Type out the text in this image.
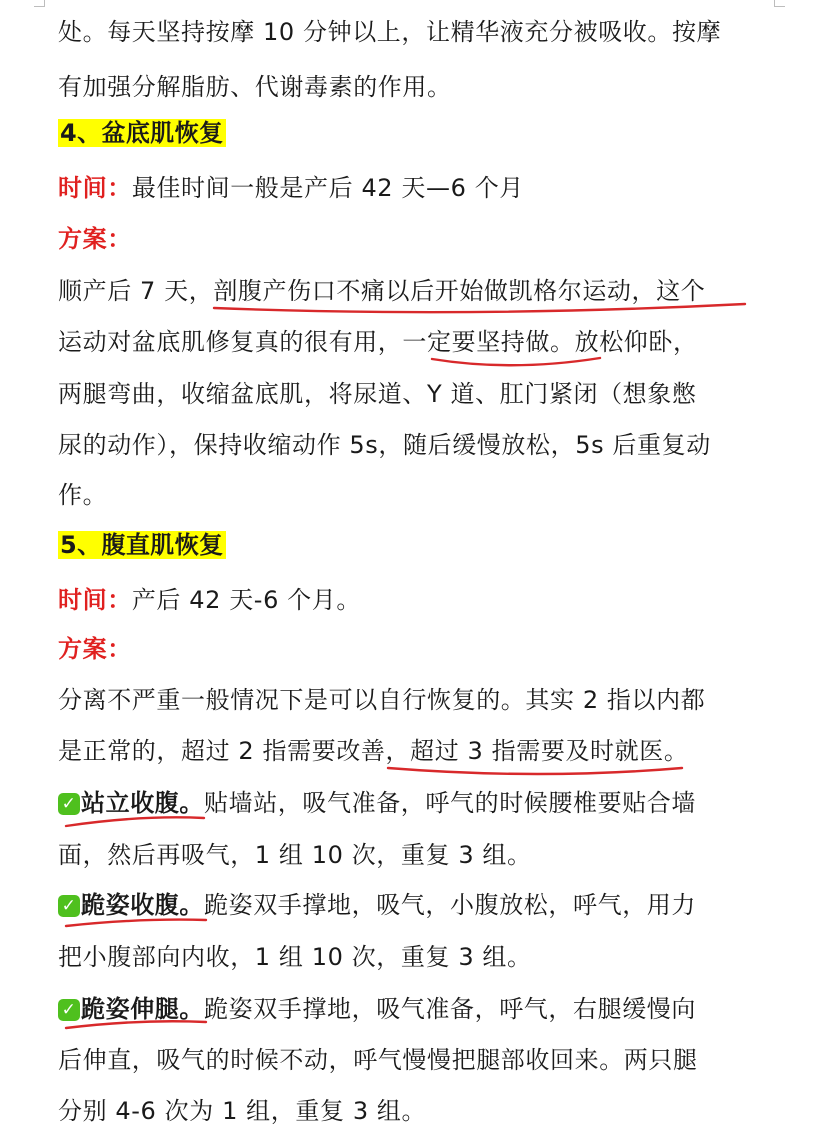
处。每天坚持按摩 10 分钟以上，让精华液充分被吸收。按摩
有加强分解脂肪、代谢毒素的作用。
4、盆底肌恢复
时间：最佳时间一般是产后 42 天—6 个月
方案：
顺产后 7 天，剖腹产伤口不痛以后开始做凯格尔运动，这个
运动对盆底肌修复真的很有用，一定要坚持做。放松仰卧，
两腿弯曲，收缩盆底肌，将尿道、Y 道、肛门紧闭（想象憋
尿的动作），保持收缩动作 5s，随后缓慢放松，5s 后重复动
作。
5、腹直肌恢复
时间：产后 42 天-6 个月。
方案：
分离不严重一般情况下是可以自行恢复的。其实 2 指以内都
是正常的，超过 2 指需要改善，超过 3 指需要及时就医。
✓ 站立收腹。贴墙站，吸气准备，呼气的时候腰椎要贴合墙
面，然后再吸气，1 组 10 次，重复 3 组。
✓ 跪姿收腹。跪姿双手撑地，吸气，小腹放松，呼气，用力
把小腹部向内收，1 组 10 次，重复 3 组。
✓ 跪姿伸腿。跪姿双手撑地，吸气准备，呼气，右腿缓慢向
后伸直，吸气的时候不动，呼气慢慢把腿部收回来。两只腿
分别 4-6 次为 1 组，重复 3 组。
